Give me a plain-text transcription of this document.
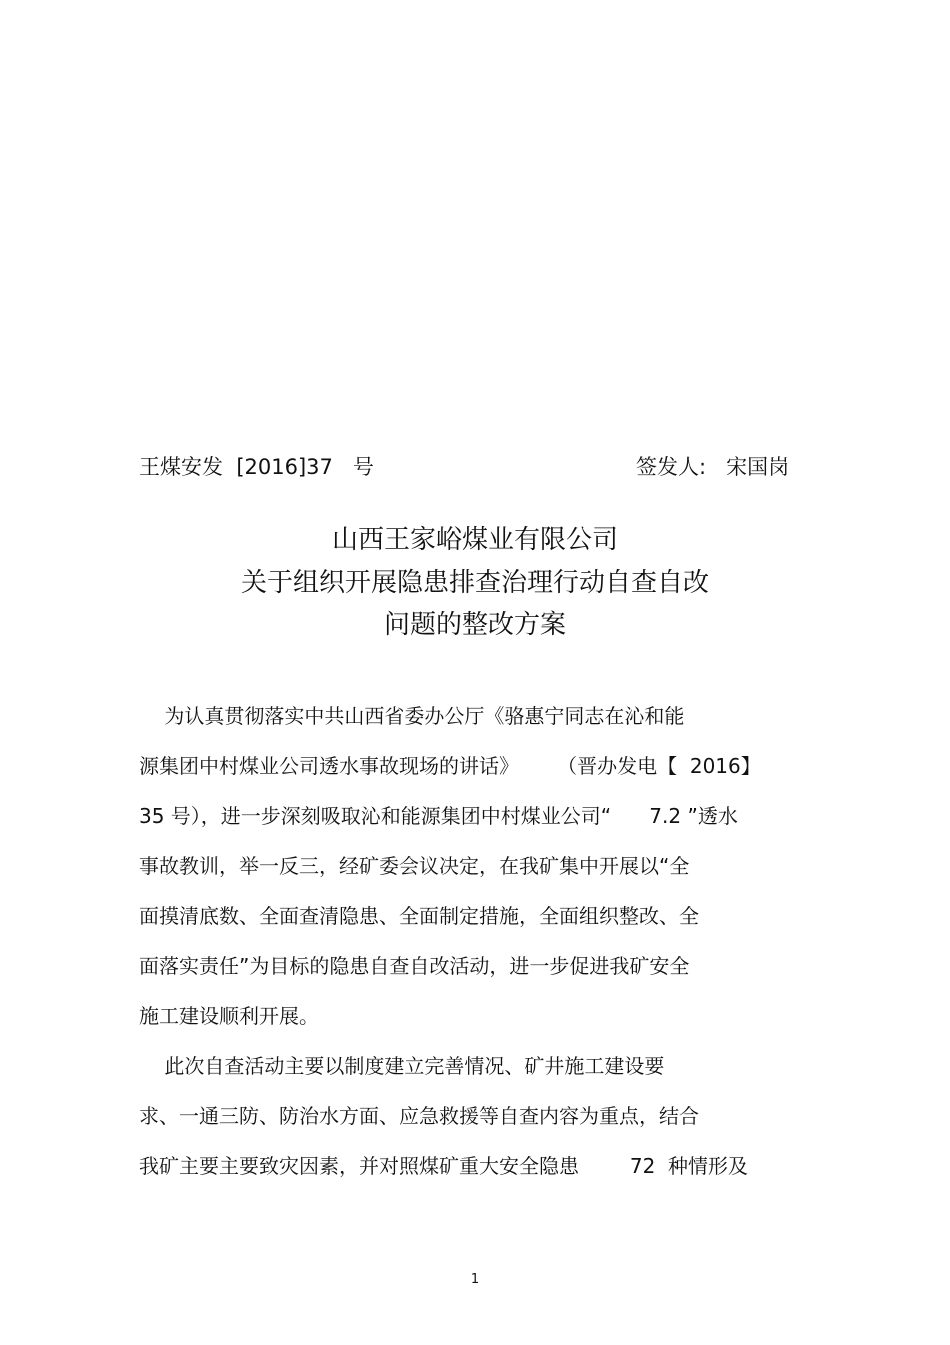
王煤安发  [2016]37   号	签发人:   宋国岗
山西王家峪煤业有限公司
关于组织开展隐患排查治理行动自查自改
问题的整改方案
为认真贯彻落实中共山西省委办公厅《骆惠宁同志在沁和能
源集团中村煤业公司透水事故现场的讲话》      （晋办发电【  2016】
35 号），进一步深刻吸取沁和能源集团中村煤业公司“      7.2 ”透水
事故教训，举一反三，经矿委会议决定，在我矿集中开展以“全
面摸清底数、全面查清隐患、全面制定措施，全面组织整改、全
面落实责任”为目标的隐患自查自改活动，进一步促进我矿安全
施工建设顺利开展。
此次自查活动主要以制度建立完善情况、矿井施工建设要
求、一通三防、防治水方面、应急救援等自查内容为重点，结合
我矿主要主要致灾因素，并对照煤矿重大安全隐患        72  种情形及
1
